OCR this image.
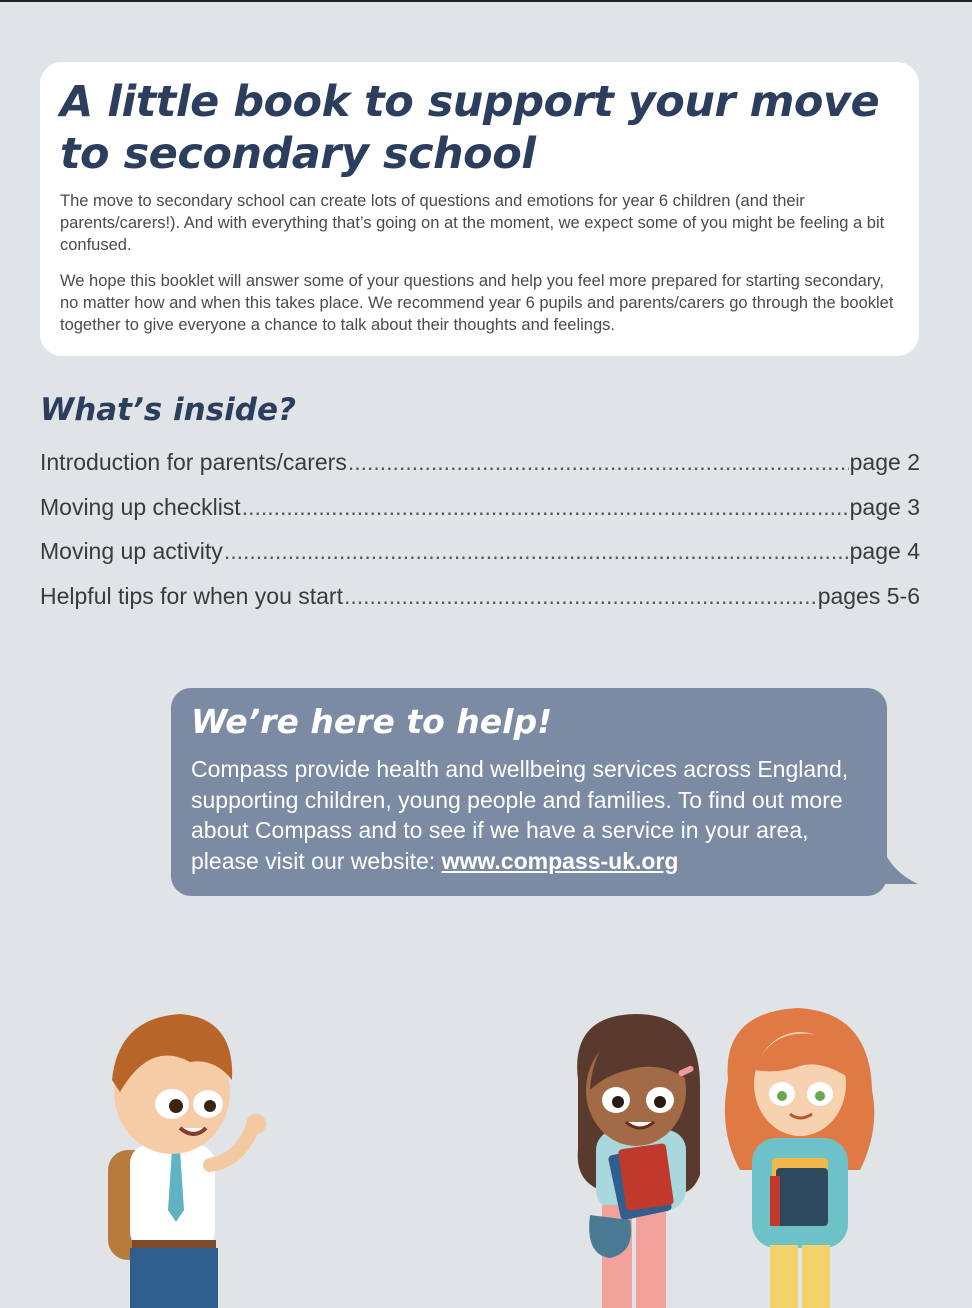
A little book to support your move to secondary school

The move to secondary school can create lots of questions and emotions for year 6 children (and their parents/carers!). And with everything that’s going on at the moment, we expect some of you might be feeling a bit confused.

We hope this booklet will answer some of your questions and help you feel more prepared for starting secondary, no matter how and when this takes place. We recommend year 6 pupils and parents/carers go through the booklet together to give everyone a chance to talk about their thoughts and feelings.

What’s inside?
Introduction for parents/carers .....	page 2
Moving up checklist .....	page 3
Moving up activity .....	page 4
Helpful tips for when you start .....	pages 5-6
We’re here to help!

Compass provide health and wellbeing services across England, supporting children, young people and families. To find out more about Compass and to see if we have a service in your area, please visit our website: www.compass-uk.org
